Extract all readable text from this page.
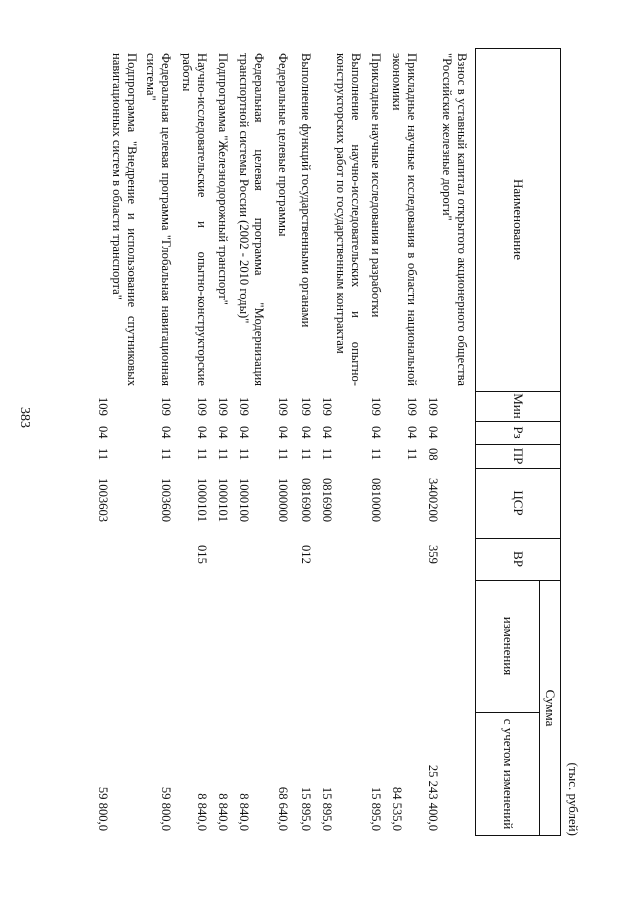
383
(тыс. рублей)
Наименование
Мин
Рз
ПР
ЦСР
ВР
Сумма
изменения
с учетом изменений
Взнос в уставный капитал открытого акционерного общества "Российские железные дороги"
109
04
08
3400200
359
25 243 400,0
Прикладные научные исследования в области национальной экономики
109
04
11
84 535,0
Прикладные научные исследования и разработки
109
04
11
0810000
15 895,0
Выполнение научно-исследовательских и опытно-конструкторских работ по государственным контрактам
109
04
11
0816900
15 895,0
Выполнение функций государственными органами
109
04
11
0816900
012
15 895,0
Федеральные целевые программы
109
04
11
1000000
68 640,0
Федеральная целевая программа "Модернизация транспортной системы России (2002 - 2010 годы)"
109
04
11
1000100
8 840,0
Подпрограмма "Железнодорожный транспорт"
109
04
11
1000101
8 840,0
Научно-исследовательские и опытно-конструкторские работы
109
04
11
1000101
015
8 840,0
Федеральная целевая программа "Глобальная навигационная система"
109
04
11
1003600
59 800,0
Подпрограмма "Внедрение и использование спутниковых навигационных систем в области транспорта"
109
04
11
1003603
59 800,0
